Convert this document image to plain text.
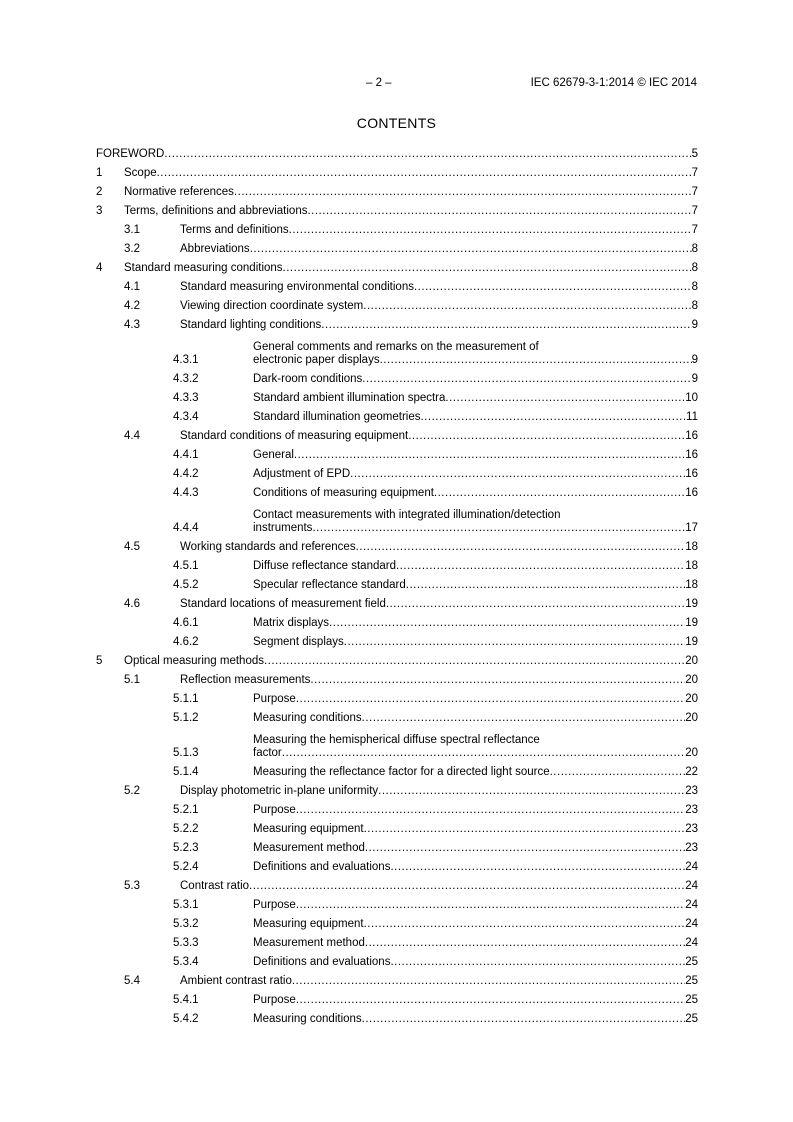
– 2 –	IEC 62679-3-1:2014 © IEC 2014
CONTENTS
FOREWORD .....	5
1	Scope .....	7
2	Normative references .....	7
3	Terms, definitions and abbreviations .....	7
3.1	Terms and definitions .....	7
3.2	Abbreviations .....	8
4	Standard measuring conditions .....	8
4.1	Standard measuring environmental conditions .....	8
4.2	Viewing direction coordinate system .....	8
4.3	Standard lighting conditions .....	9
4.3.1
General comments and remarks on the measurement of
electronic paper displays .....	9
4.3.2	Dark-room conditions .....	9
4.3.3	Standard ambient illumination spectra .....	10
4.3.4	Standard illumination geometries .....	11
4.4	Standard conditions of measuring equipment .....	16
4.4.1	General .....	16
4.4.2	Adjustment of EPD .....	16
4.4.3	Conditions of measuring equipment .....	16
4.4.4
Contact measurements with integrated illumination/detection
instruments .....	17
4.5	Working standards and references .....	18
4.5.1	Diffuse reflectance standard .....	18
4.5.2	Specular reflectance standard .....	18
4.6	Standard locations of measurement field .....	19
4.6.1	Matrix displays .....	19
4.6.2	Segment displays .....	19
5	Optical measuring methods .....	20
5.1	Reflection measurements .....	20
5.1.1	Purpose .....	20
5.1.2	Measuring conditions .....	20
5.1.3
Measuring the hemispherical diffuse spectral reflectance
factor .....	20
5.1.4	Measuring the reflectance factor for a directed light source .....	22
5.2	Display photometric in-plane uniformity .....	23
5.2.1	Purpose .....	23
5.2.2	Measuring equipment .....	23
5.2.3	Measurement method .....	23
5.2.4	Definitions and evaluations .....	24
5.3	Contrast ratio .....	24
5.3.1	Purpose .....	24
5.3.2	Measuring equipment .....	24
5.3.3	Measurement method .....	24
5.3.4	Definitions and evaluations .....	25
5.4	Ambient contrast ratio .....	25
5.4.1	Purpose .....	25
5.4.2	Measuring conditions .....	25
